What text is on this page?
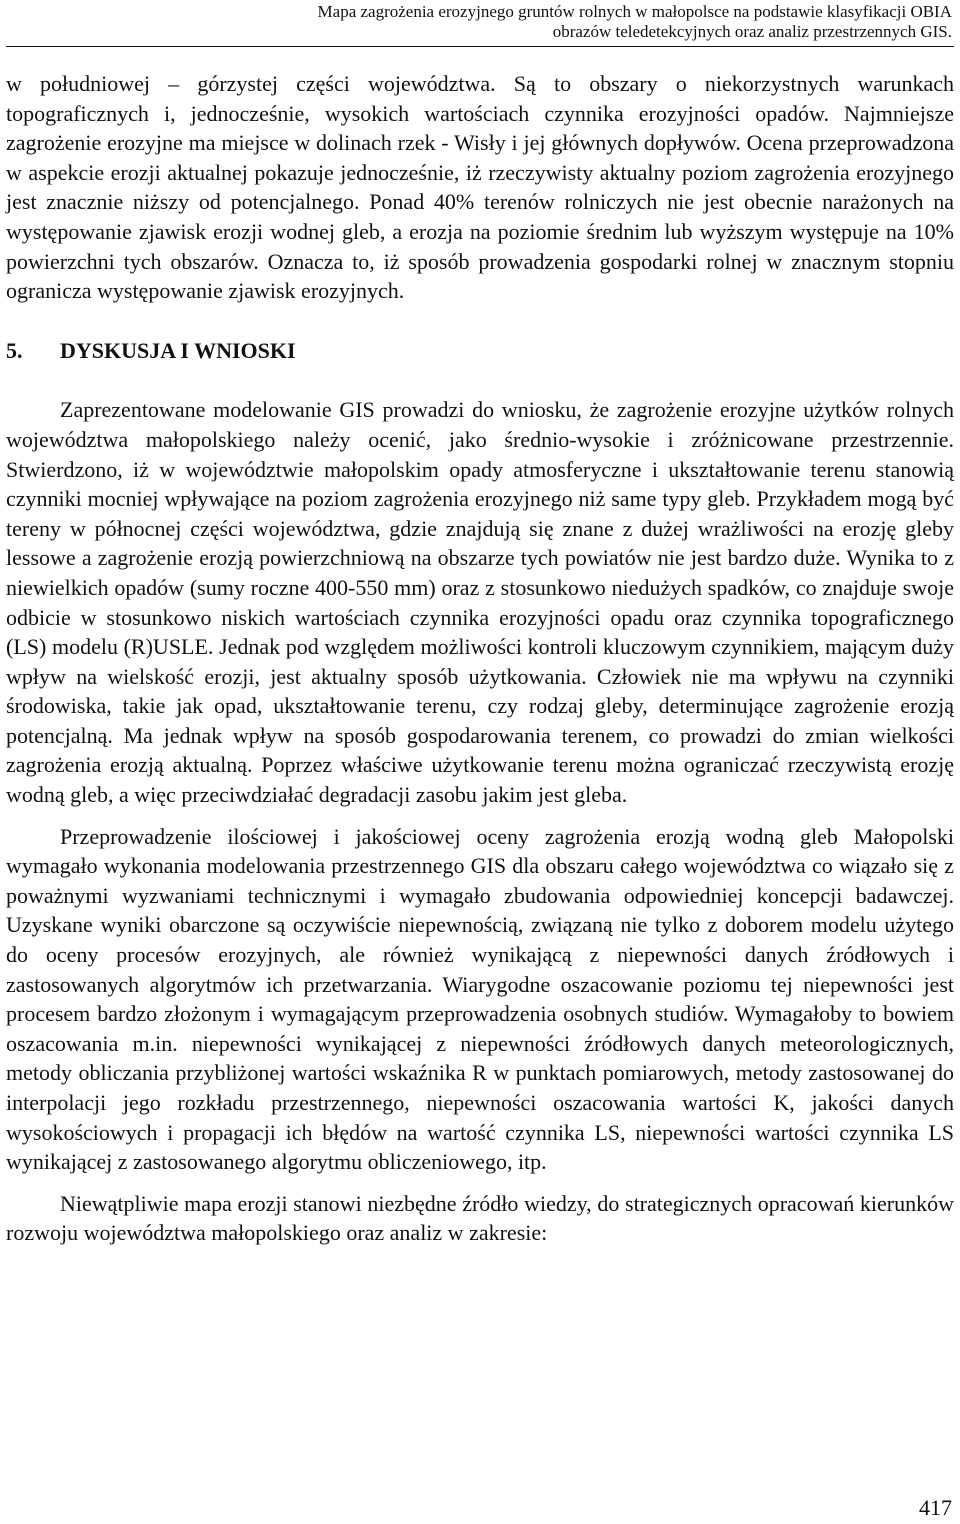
Mapa zagrożenia erozyjnego gruntów rolnych w małopolsce na podstawie klasyfikacji OBIA
obrazów teledetekcyjnych oraz analiz przestrzennych GIS.

w południowej – górzystej części województwa. Są to obszary o niekorzystnych warunkach topograficznych i, jednocześnie, wysokich wartościach czynnika erozyjności opadów. Najmniejsze zagrożenie erozyjne ma miejsce w dolinach rzek - Wisły i jej głównych dopływów. Ocena przeprowadzona w aspekcie erozji aktualnej pokazuje jednocześnie, iż rzeczywisty aktualny poziom zagrożenia erozyjnego jest znacznie niższy od potencjalnego. Ponad 40% terenów rolniczych nie jest obecnie narażonych na występowanie zjawisk erozji wodnej gleb, a erozja na poziomie średnim lub wyższym występuje na 10% powierzchni tych obszarów. Oznacza to, iż sposób prowadzenia gospodarki rolnej w znacznym stopniu ogranicza występowanie zjawisk erozyjnych.

5. DYSKUSJA I WNIOSKI

Zaprezentowane modelowanie GIS prowadzi do wniosku, że zagrożenie erozyjne użytków rolnych województwa małopolskiego należy ocenić, jako średnio-wysokie i zróżnicowane przestrzennie. Stwierdzono, iż w województwie małopolskim opady atmosferyczne i ukształtowanie terenu stanowią czynniki mocniej wpływające na poziom zagrożenia erozyjnego niż same typy gleb. Przykładem mogą być tereny w północnej części województwa, gdzie znajdują się znane z dużej wrażliwości na erozję gleby lessowe a zagrożenie erozją powierzchniową na obszarze tych powiatów nie jest bardzo duże. Wynika to z niewielkich opadów (sumy roczne 400-550 mm) oraz z stosunkowo niedużych spadków, co znajduje swoje odbicie w stosunkowo niskich wartościach czynnika erozyjności opadu oraz czynnika topograficznego (LS) modelu (R)USLE. Jednak pod względem możliwości kontroli kluczowym czynnikiem, mającym duży wpływ na wielskość erozji, jest aktualny sposób użytkowania. Człowiek nie ma wpływu na czynniki środowiska, takie jak opad, ukształtowanie terenu, czy rodzaj gleby, determinujące zagrożenie erozją potencjalną. Ma jednak wpływ na sposób gospodarowania terenem, co prowadzi do zmian wielkości zagrożenia erozją aktualną. Poprzez właściwe użytkowanie terenu można ograniczać rzeczywistą erozję wodną gleb, a więc przeciwdziałać degradacji zasobu jakim jest gleba.

Przeprowadzenie ilościowej i jakościowej oceny zagrożenia erozją wodną gleb Małopolski wymagało wykonania modelowania przestrzennego GIS dla obszaru całego województwa co wiązało się z poważnymi wyzwaniami technicznymi i wymagało zbudowania odpowiedniej koncepcji badawczej. Uzyskane wyniki obarczone są oczywiście niepewnością, związaną nie tylko z doborem modelu użytego do oceny procesów erozyjnych, ale również wynikającą z niepewności danych źródłowych i zastosowanych algorytmów ich przetwarzania. Wiarygodne oszacowanie poziomu tej niepewności jest procesem bardzo złożonym i wymagającym przeprowadzenia osobnych studiów. Wymagałoby to bowiem oszacowania m.in. niepewności wynikającej z niepewności źródłowych danych meteorologicznych, metody obliczania przybliżonej wartości wskaźnika R w punktach pomiarowych, metody zastosowanej do interpolacji jego rozkładu przestrzennego, niepewności oszacowania wartości K, jakości danych wysokościowych i propagacji ich błędów na wartość czynnika LS, niepewności wartości czynnika LS wynikającej z zastosowanego algorytmu obliczeniowego, itp.

Niewątpliwie mapa erozji stanowi niezbędne źródło wiedzy, do strategicznych opracowań kierunków rozwoju województwa małopolskiego oraz analiz w zakresie:

417
